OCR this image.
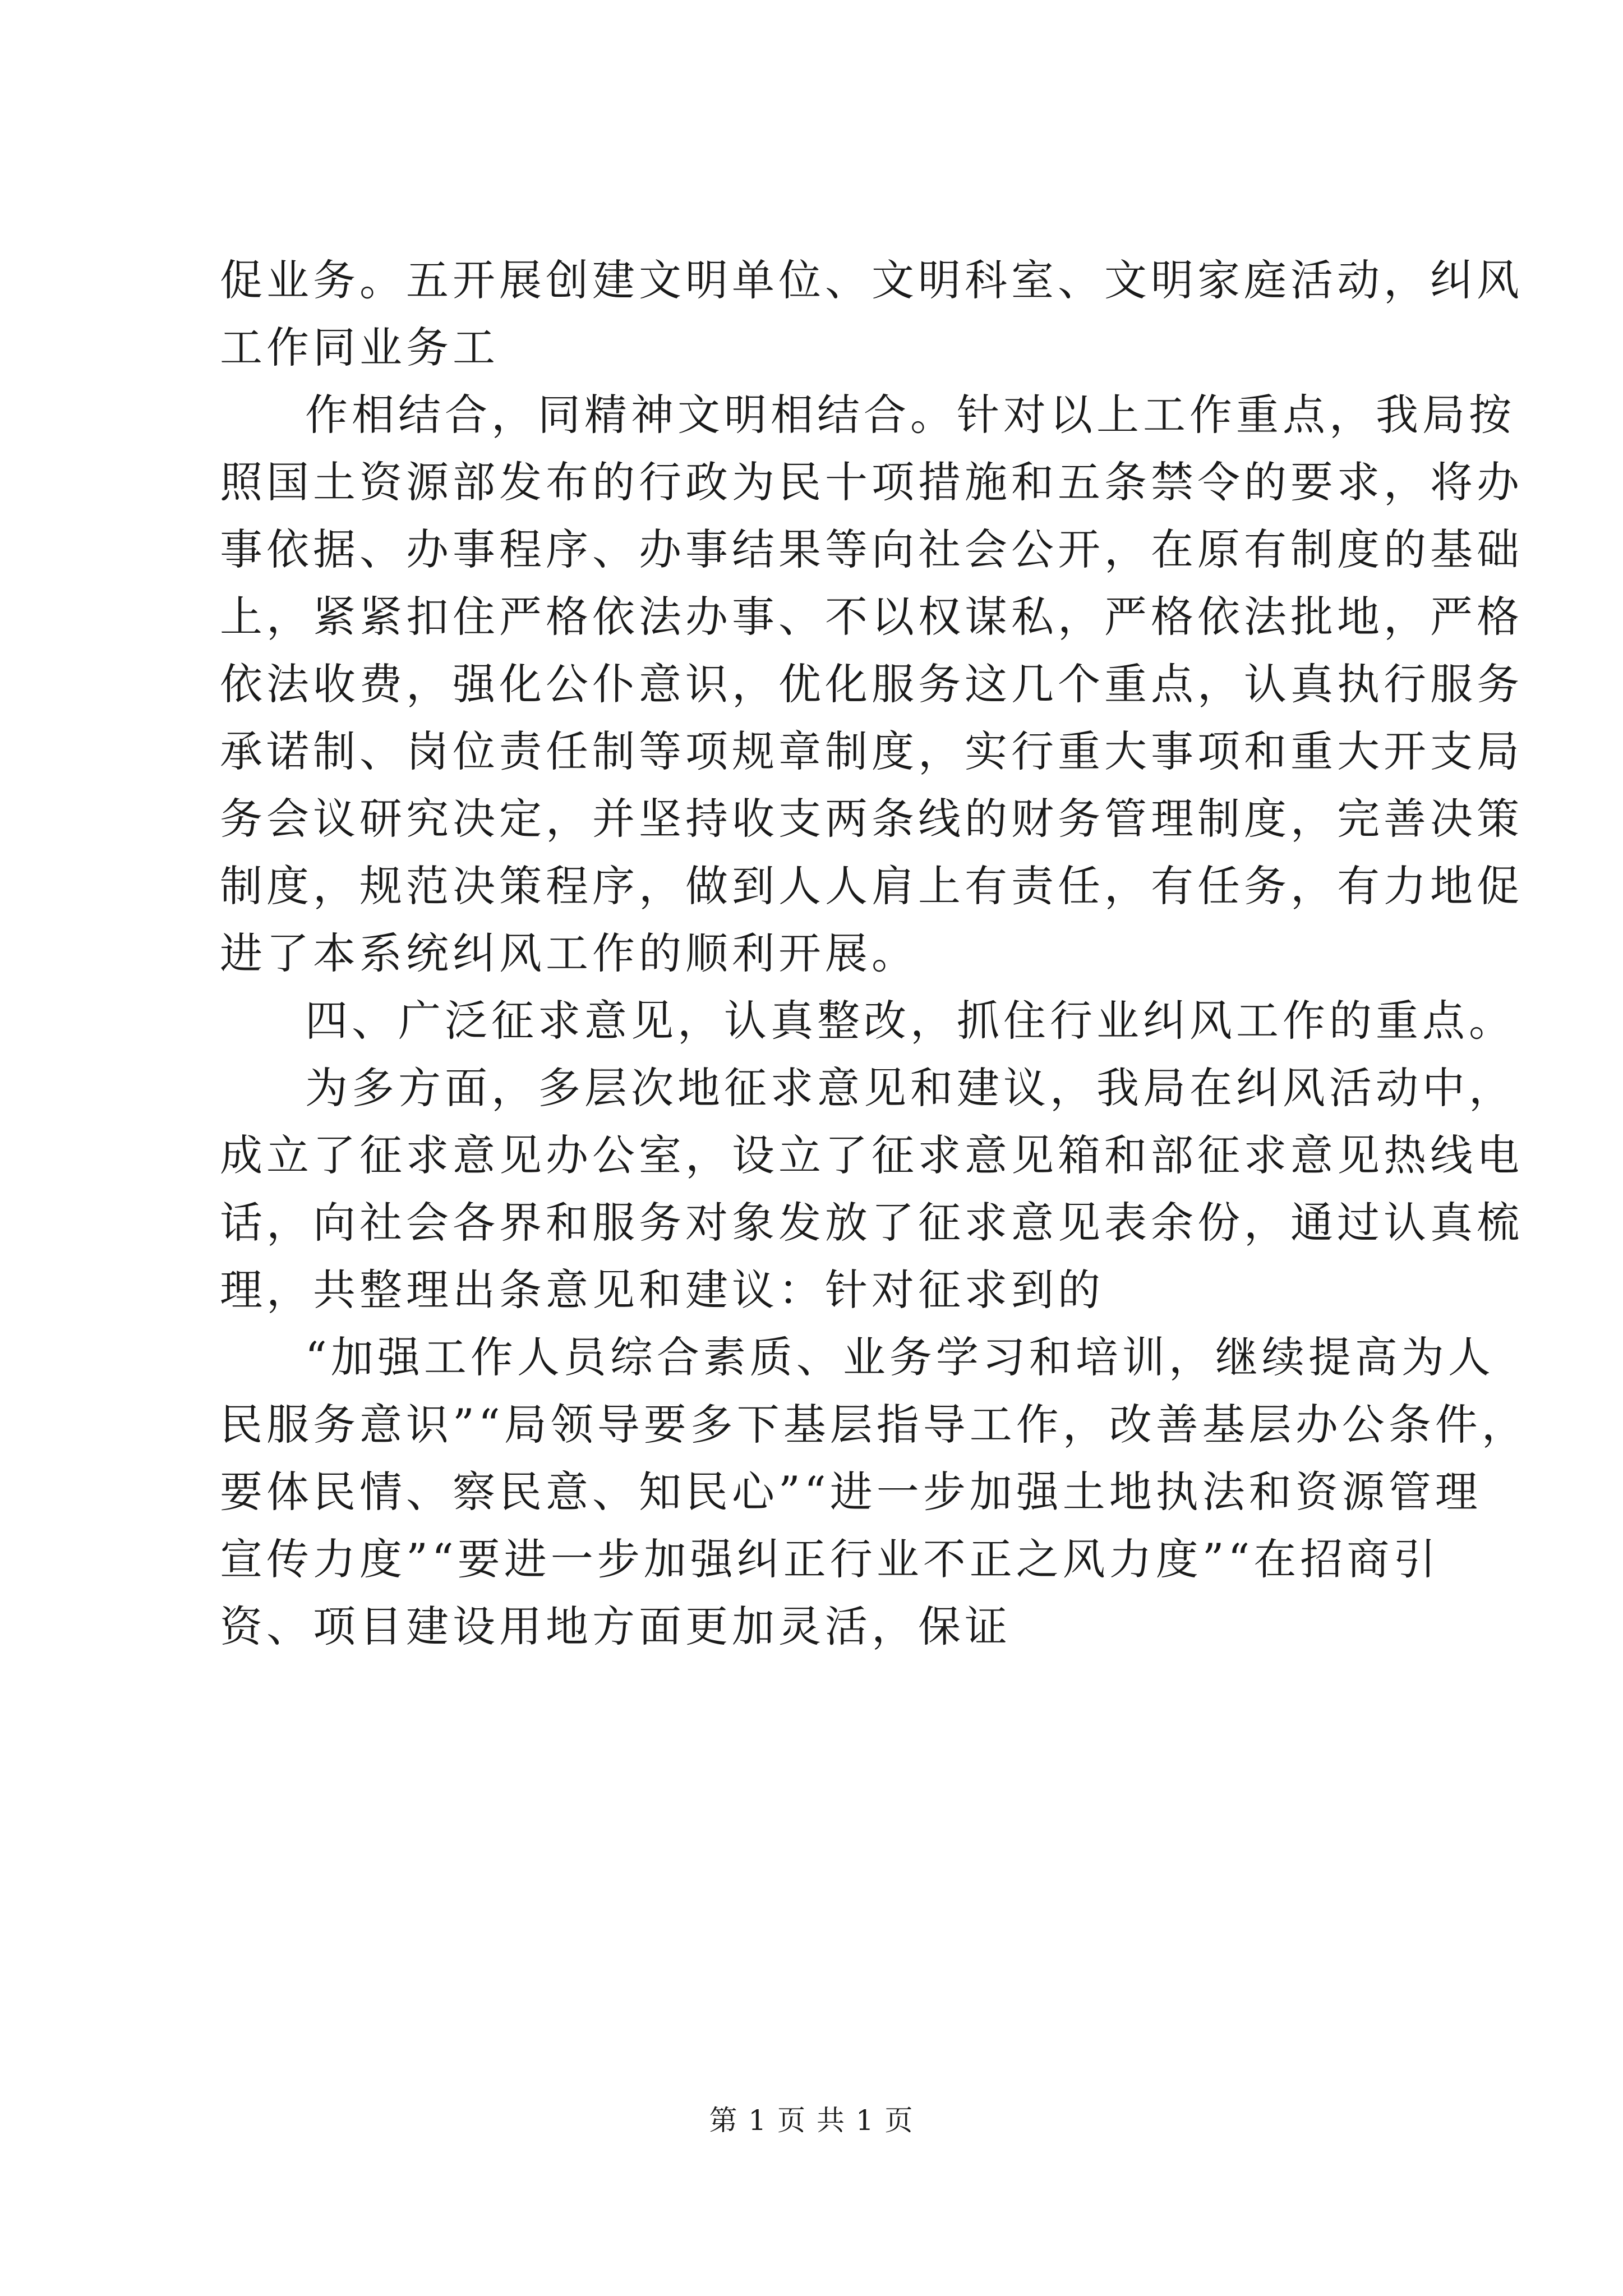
促业务。五开展创建文明单位、文明科室、文明家庭活动，纠风
工作同业务工
作相结合，同精神文明相结合。针对以上工作重点，我局按
照国土资源部发布的行政为民十项措施和五条禁令的要求，将办
事依据、办事程序、办事结果等向社会公开，在原有制度的基础
上，紧紧扣住严格依法办事、不以权谋私，严格依法批地，严格
依法收费，强化公仆意识，优化服务这几个重点，认真执行服务
承诺制、岗位责任制等项规章制度，实行重大事项和重大开支局
务会议研究决定，并坚持收支两条线的财务管理制度，完善决策
制度，规范决策程序，做到人人肩上有责任，有任务，有力地促
进了本系统纠风工作的顺利开展。
四、广泛征求意见，认真整改，抓住行业纠风工作的重点。
为多方面，多层次地征求意见和建议，我局在纠风活动中，
成立了征求意见办公室，设立了征求意见箱和部征求意见热线电
话，向社会各界和服务对象发放了征求意见表余份，通过认真梳
理，共整理出条意见和建议：针对征求到的
“加强工作人员综合素质、业务学习和培训，继续提高为人
民服务意识”“局领导要多下基层指导工作，改善基层办公条件，
要体民情、察民意、知民心”“进一步加强土地执法和资源管理
宣传力度”“要进一步加强纠正行业不正之风力度”“在招商引
资、项目建设用地方面更加灵活，保证
第 1 页 共 1 页
